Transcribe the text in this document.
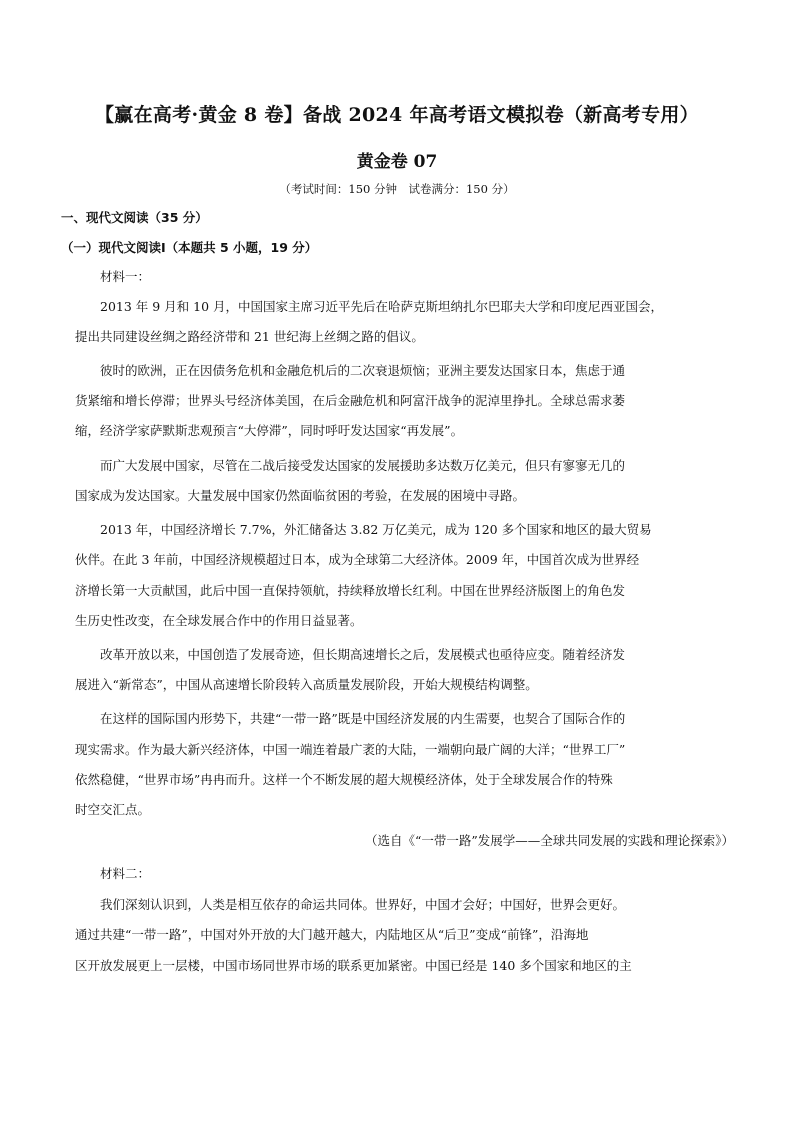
【赢在高考·黄金 8 卷】备战 2024 年高考语文模拟卷（新高考专用）
黄金卷 07
（考试时间：150 分钟　试卷满分：150 分）
一、现代文阅读（35 分）
（一）现代文阅读Ⅰ（本题共 5 小题，19 分）
材料一：
2013 年 9 月和 10 月，中国国家主席习近平先后在哈萨克斯坦纳扎尔巴耶夫大学和印度尼西亚国会，
提出共同建设丝绸之路经济带和 21 世纪海上丝绸之路的倡议。
彼时的欧洲，正在因债务危机和金融危机后的二次衰退烦恼；亚洲主要发达国家日本，焦虑于通
货紧缩和增长停滞；世界头号经济体美国，在后金融危机和阿富汗战争的泥淖里挣扎。全球总需求萎
缩，经济学家萨默斯悲观预言“大停滞”，同时呼吁发达国家“再发展”。
而广大发展中国家，尽管在二战后接受发达国家的发展援助多达数万亿美元，但只有寥寥无几的
国家成为发达国家。大量发展中国家仍然面临贫困的考验，在发展的困境中寻路。
2013 年，中国经济增长 7.7%，外汇储备达 3.82 万亿美元，成为 120 多个国家和地区的最大贸易
伙伴。在此 3 年前，中国经济规模超过日本，成为全球第二大经济体。2009 年，中国首次成为世界经
济增长第一大贡献国，此后中国一直保持领航，持续释放增长红利。中国在世界经济版图上的角色发
生历史性改变，在全球发展合作中的作用日益显著。
改革开放以来，中国创造了发展奇迹，但长期高速增长之后，发展模式也亟待应变。随着经济发
展进入“新常态”，中国从高速增长阶段转入高质量发展阶段，开始大规模结构调整。
在这样的国际国内形势下，共建“一带一路”既是中国经济发展的内生需要，也契合了国际合作的
现实需求。作为最大新兴经济体，中国一端连着最广袤的大陆，一端朝向最广阔的大洋；“世界工厂”
依然稳健，“世界市场”冉冉而升。这样一个不断发展的超大规模经济体，处于全球发展合作的特殊
时空交汇点。
（选自《“一带一路”发展学——全球共同发展的实践和理论探索》）
材料二：
我们深刻认识到，人类是相互依存的命运共同体。世界好，中国才会好；中国好，世界会更好。
通过共建“一带一路”，中国对外开放的大门越开越大，内陆地区从“后卫”变成“前锋”，沿海地
区开放发展更上一层楼，中国市场同世界市场的联系更加紧密。中国已经是 140 多个国家和地区的主
